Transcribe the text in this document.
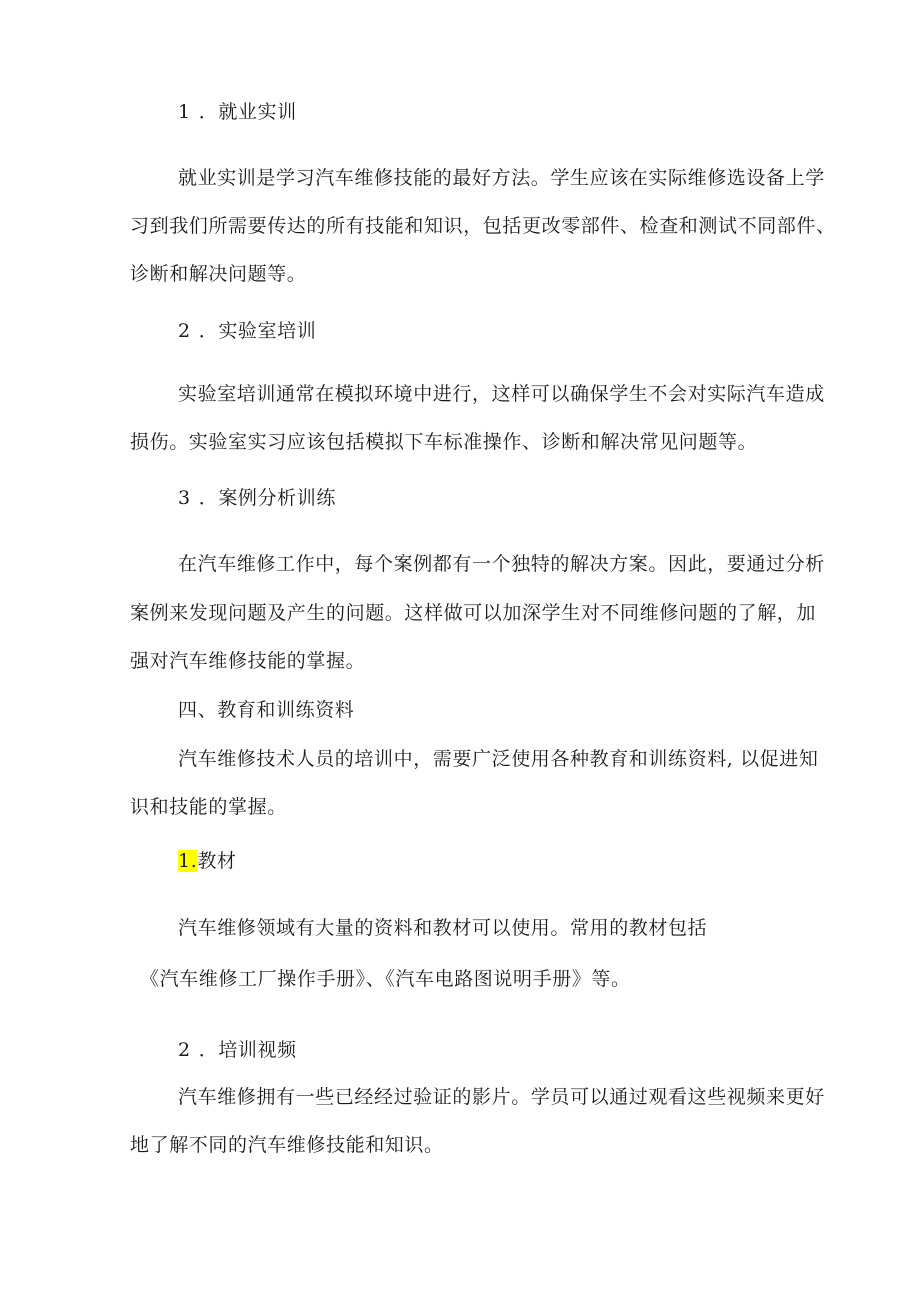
1 ．就业实训
就业实训是学习汽车维修技能的最好方法。学生应该在实际维修选设备上学
习到我们所需要传达的所有技能和知识，包括更改零部件、检查和测试不同部件、
诊断和解决问题等。
2 ．实验室培训
实验室培训通常在模拟环境中进行，这样可以确保学生不会对实际汽车造成
损伤。实验室实习应该包括模拟下车标准操作、诊断和解决常见问题等。
3 ．案例分析训练
在汽车维修工作中，每个案例都有一个独特的解决方案。因此，要通过分析
案例来发现问题及产生的问题。这样做可以加深学生对不同维修问题的了解，加
强对汽车维修技能的掌握。
四、教育和训练资料
汽车维修技术人员的培训中，需要广泛使用各种教育和训练资料, 以促进知
识和技能的掌握。
1.教材
汽车维修领域有大量的资料和教材可以使用。常用的教材包括
《汽车维修工厂操作手册》、《汽车电路图说明手册》等。
2 ．培训视频
汽车维修拥有一些已经经过验证的影片。学员可以通过观看这些视频来更好
地了解不同的汽车维修技能和知识。
